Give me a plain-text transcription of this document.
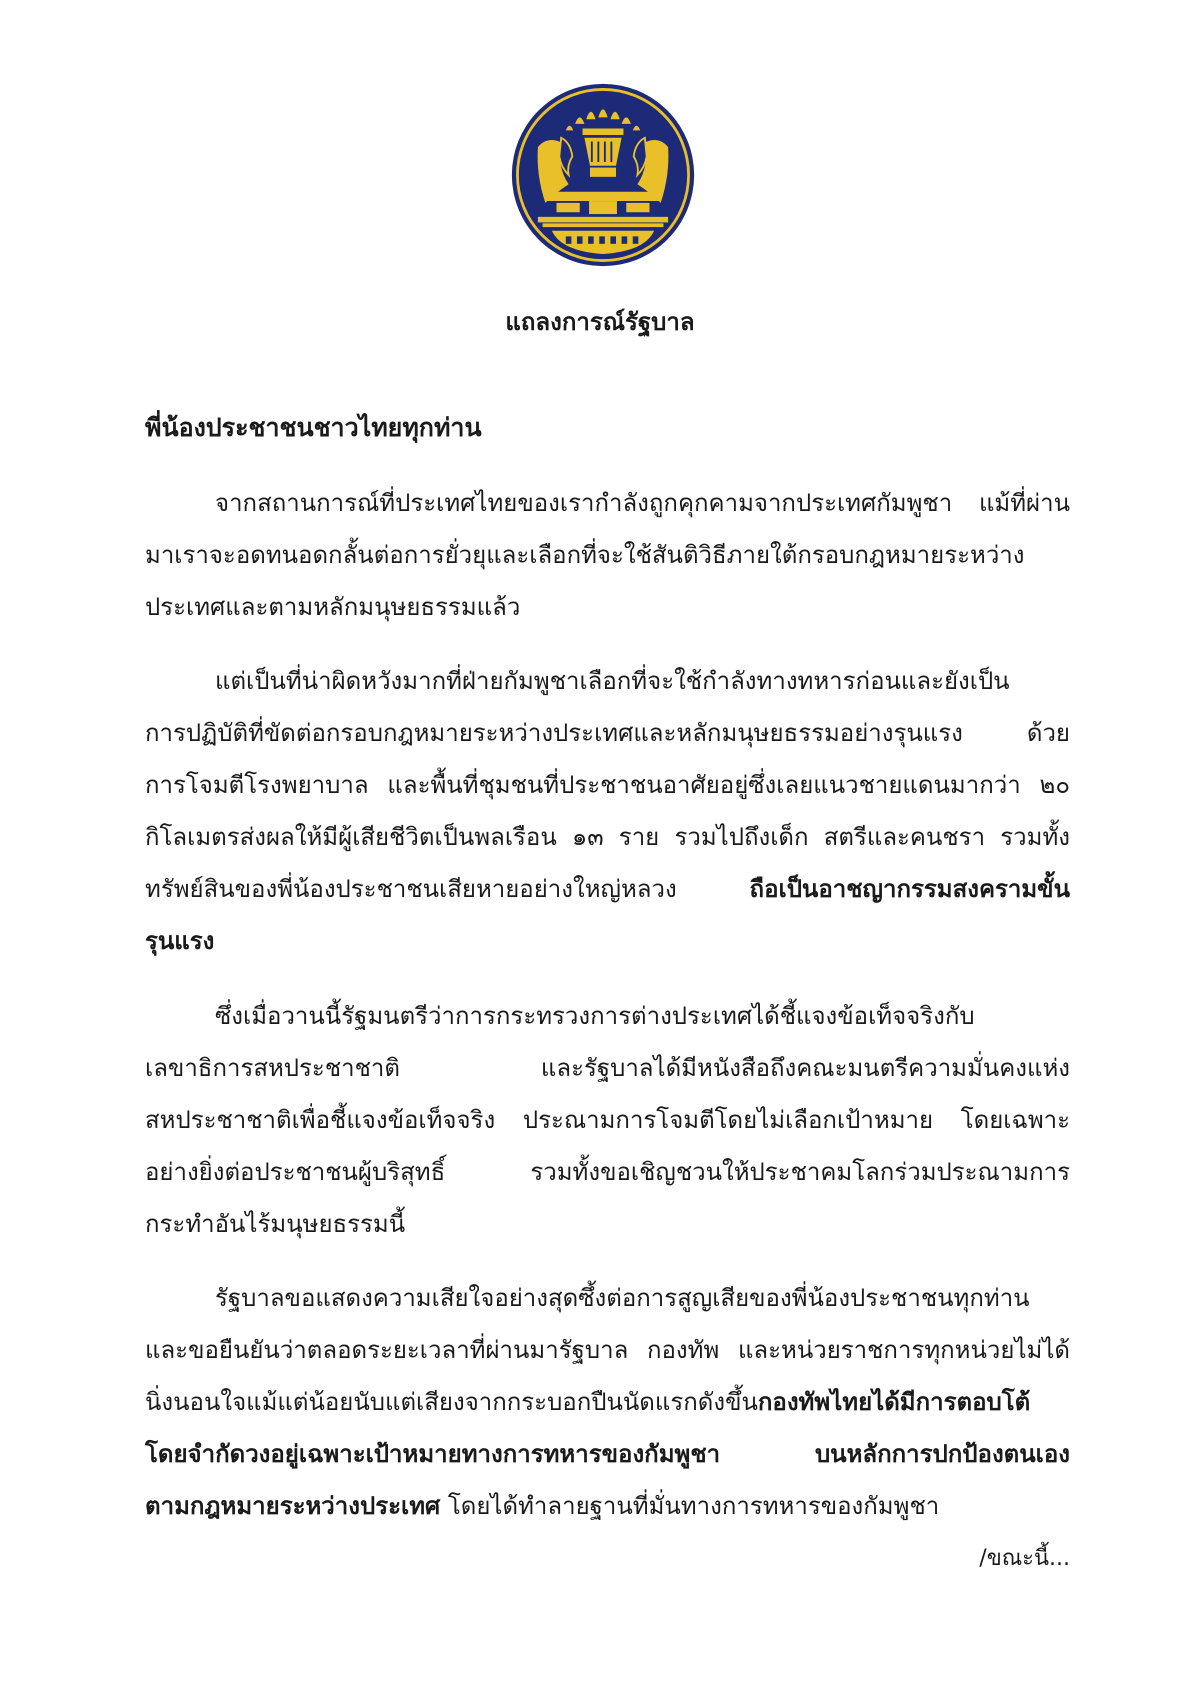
แถลงการณ์รัฐบาล
พี่น้องประชาชนชาวไทยทุกท่าน
จากสถานการณ์ที่ประเทศไทยของเรากำลังถูกคุกคามจากประเทศกัมพูชา แม้ที่ผ่าน
มาเราจะอดทนอดกลั้นต่อการยั่วยุและเลือกที่จะใช้สันติวิธีภายใต้กรอบกฎหมายระหว่าง
ประเทศและตามหลักมนุษยธรรมแล้ว
แต่เป็นที่น่าผิดหวังมากที่ฝ่ายกัมพูชาเลือกที่จะใช้กำลังทางทหารก่อนและยังเป็น
การปฏิบัติที่ขัดต่อกรอบกฎหมายระหว่างประเทศและหลักมนุษยธรรมอย่างรุนแรง ด้วย
การโจมตีโรงพยาบาล และพื้นที่ชุมชนที่ประชาชนอาศัยอยู่ซึ่งเลยแนวชายแดนมากว่า ๒๐
กิโลเมตรส่งผลให้มีผู้เสียชีวิตเป็นพลเรือน ๑๓ ราย รวมไปถึงเด็ก สตรีและคนชรา รวมทั้ง
ทรัพย์สินของพี่น้องประชาชนเสียหายอย่างใหญ่หลวง ถือเป็นอาชญากรรมสงครามขั้น
รุนแรง
ซึ่งเมื่อวานนี้รัฐมนตรีว่าการกระทรวงการต่างประเทศได้ชี้แจงข้อเท็จจริงกับ
เลขาธิการสหประชาชาติ และรัฐบาลได้มีหนังสือถึงคณะมนตรีความมั่นคงแห่ง
สหประชาชาติเพื่อชี้แจงข้อเท็จจริง ประณามการโจมตีโดยไม่เลือกเป้าหมาย โดยเฉพาะ
อย่างยิ่งต่อประชาชนผู้บริสุทธิ์ รวมทั้งขอเชิญชวนให้ประชาคมโลกร่วมประณามการ
กระทำอันไร้มนุษยธรรมนี้
รัฐบาลขอแสดงความเสียใจอย่างสุดซึ้งต่อการสูญเสียของพี่น้องประชาชนทุกท่าน
และขอยืนยันว่าตลอดระยะเวลาที่ผ่านมารัฐบาล กองทัพ และหน่วยราชการทุกหน่วยไม่ได้
นิ่งนอนใจแม้แต่น้อยนับแต่เสียงจากกระบอกปืนนัดแรกดังขึ้นกองทัพไทยได้มีการตอบโต้
โดยจำกัดวงอยู่เฉพาะเป้าหมายทางการทหารของกัมพูชา บนหลักการปกป้องตนเอง
ตามกฎหมายระหว่างประเทศ โดยได้ทำลายฐานที่มั่นทางการทหารของกัมพูชา
/ขณะนี้...
